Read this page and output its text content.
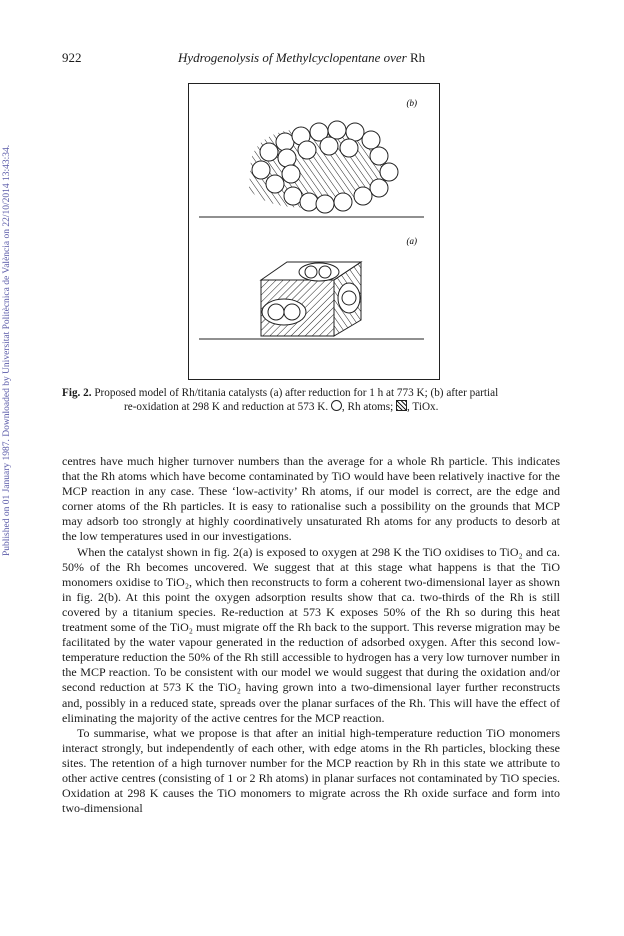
Published on 01 January 1987. Downloaded by Universitat Politècnica de València on 22/10/2014 13:43:34.
922	Hydrogenolysis of Methylcyclopentane over Rh
(b)
(a)
Fig. 2. Proposed model of Rh/titania catalysts (a) after reduction for 1 h at 773 K; (b) after partial
re-oxidation at 298 K and reduction at 573 K. , Rh atoms; , TiOx.

centres have much higher turnover numbers than the average for a whole Rh particle. This indicates that the Rh atoms which have become contaminated by TiO would have been relatively inactive for the MCP reaction in any case. These ‘low-activity’ Rh atoms, if our model is correct, are the edge and corner atoms of the Rh particles. It is easy to rationalise such a possibility on the grounds that MCP may adsorb too strongly at highly coordinatively unsaturated Rh atoms for any products to desorb at the low temperatures used in our investigations.

When the catalyst shown in fig. 2(a) is exposed to oxygen at 298 K the TiO oxidises to TiO₂ and ca. 50% of the Rh becomes uncovered. We suggest that at this stage what happens is that the TiO monomers oxidise to TiO₂, which then reconstructs to form a coherent two-dimensional layer as shown in fig. 2(b). At this point the oxygen adsorption results show that ca. two-thirds of the Rh is still covered by a titanium species. Re-reduction at 573 K exposes 50% of the Rh so during this heat treatment some of the TiO₂ must migrate off the Rh back to the support. This reverse migration may be facilitated by the water vapour generated in the reduction of adsorbed oxygen. After this second low-temperature reduction the 50% of the Rh still accessible to hydrogen has a very low turnover number in the MCP reaction. To be consistent with our model we would suggest that during the oxidation and/or second reduction at 573 K the TiO₂ having grown into a two-dimensional layer further reconstructs and, possibly in a reduced state, spreads over the planar surfaces of the Rh. This will have the effect of eliminating the majority of the active centres for the MCP reaction.

To summarise, what we propose is that after an initial high-temperature reduction TiO monomers interact strongly, but independently of each other, with edge atoms in the Rh particles, blocking these sites. The retention of a high turnover number for the MCP reaction by Rh in this state we attribute to other active centres (consisting of 1 or 2 Rh atoms) in planar surfaces not contaminated by TiO species. Oxidation at 298 K causes the TiO monomers to migrate across the Rh oxide surface and form into two-dimensional
